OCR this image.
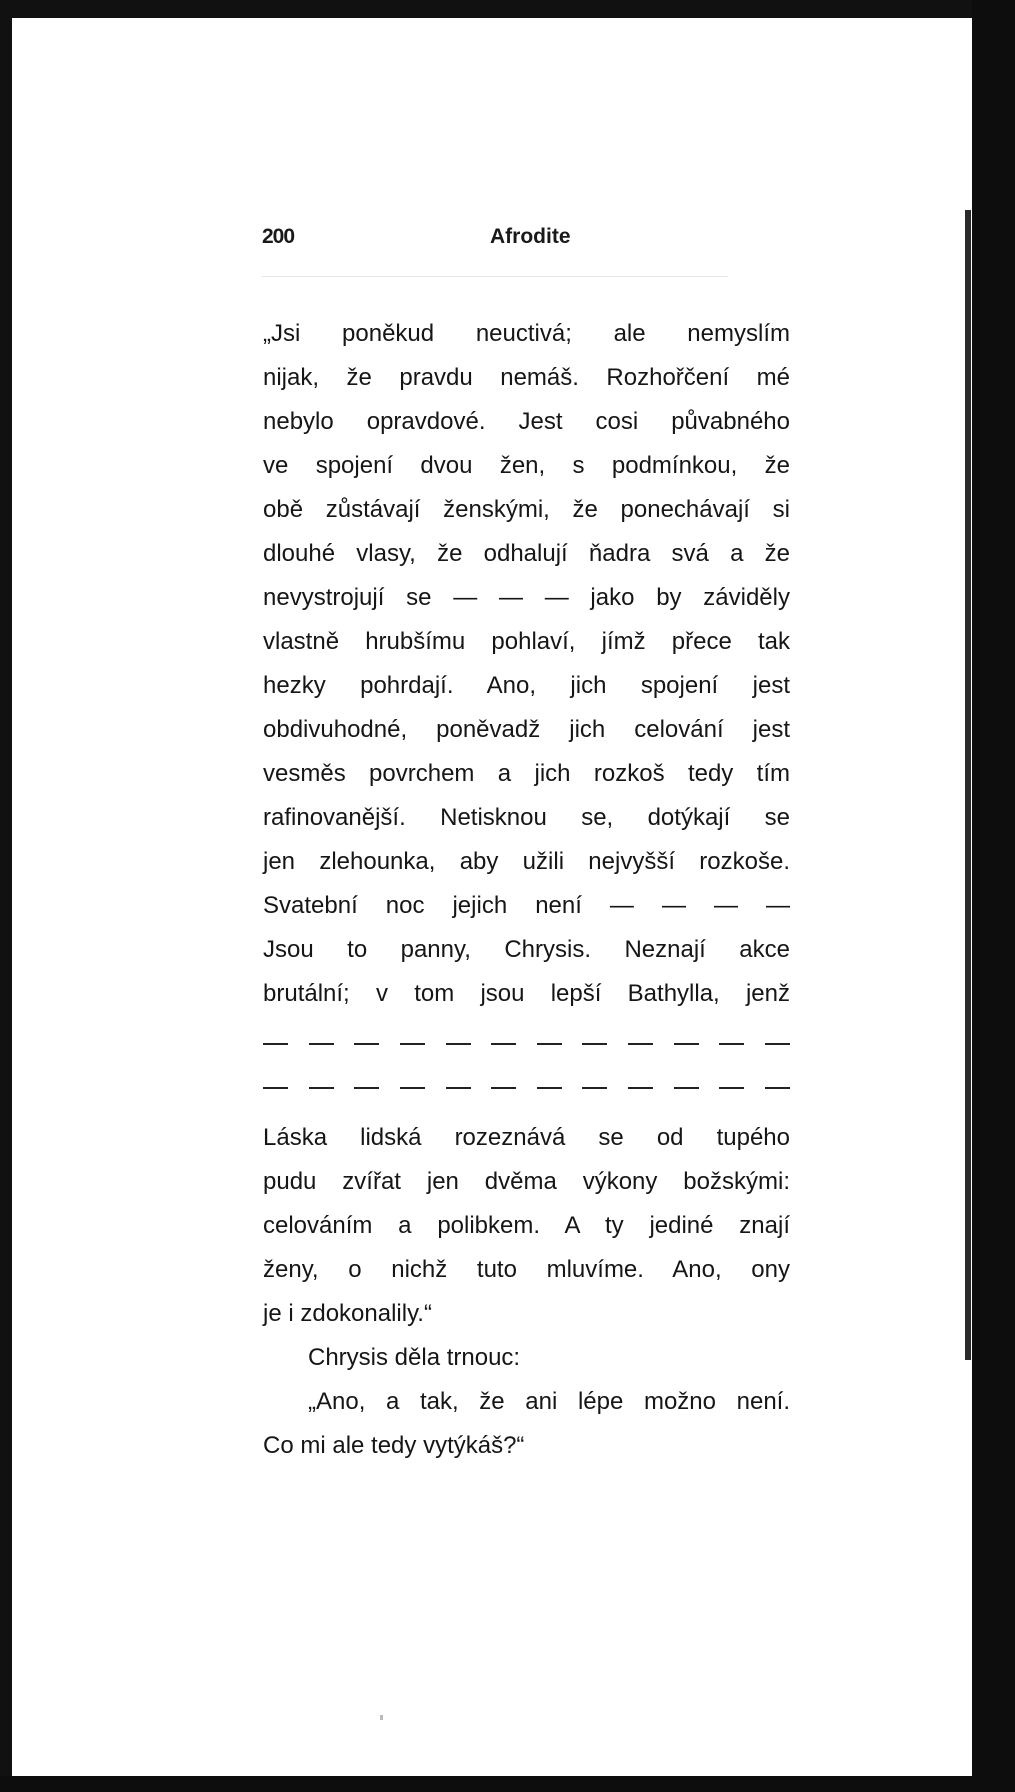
200	Afrodite
„Jsi poněkud neuctivá; ale nemyslím
nijak, že pravdu nemáš. Rozhořčení mé
nebylo opravdové. Jest cosi půvabného
ve spojení dvou žen, s podmínkou, že
obě zůstávají ženskými, že ponechávají si
dlouhé vlasy, že odhalují ňadra svá a že
nevystrojují se — — — jako by záviděly
vlastně hrubšímu pohlaví, jímž přece tak
hezky pohrdají. Ano, jich spojení jest
obdivuhodné, poněvadž jich celování jest
vesměs povrchem a jich rozkoš tedy tím
rafinovanější. Netisknou se, dotýkají se
jen zlehounka, aby užili nejvyšší rozkoše.
Svatební noc jejich není — — — —
Jsou to panny, Chrysis. Neznají akce
brutální; v tom jsou lepší Bathylla, jenž
Láska lidská rozeznává se od tupého
pudu zvířat jen dvěma výkony božskými:
celováním a polibkem. A ty jediné znají
ženy, o nichž tuto mluvíme. Ano, ony
je i zdokonalily.“
Chrysis děla trnouc:
„Ano, a tak, že ani lépe možno není.
Co mi ale tedy vytýkáš?“
